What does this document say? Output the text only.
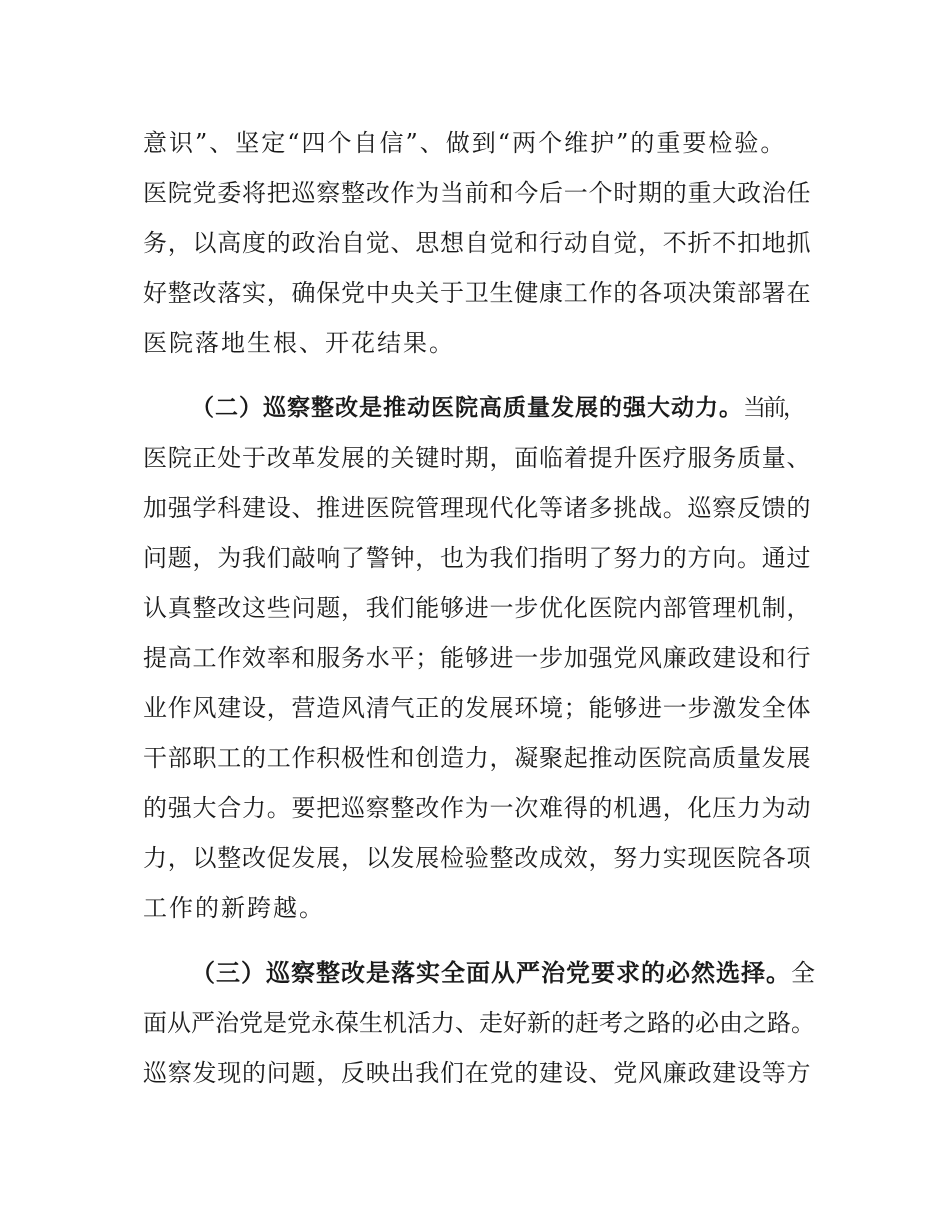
意识”、坚定“四个自信”、做到“两个维护”的重要检验。
医院党委将把巡察整改作为当前和今后一个时期的重大政治任
务，以高度的政治自觉、思想自觉和行动自觉，不折不扣地抓
好整改落实，确保党中央关于卫生健康工作的各项决策部署在
医院落地生根、开花结果。
（二）巡察整改是推动医院高质量发展的强大动力。当前，
医院正处于改革发展的关键时期，面临着提升医疗服务质量、
加强学科建设、推进医院管理现代化等诸多挑战。巡察反馈的
问题，为我们敲响了警钟，也为我们指明了努力的方向。通过
认真整改这些问题，我们能够进一步优化医院内部管理机制，
提高工作效率和服务水平；能够进一步加强党风廉政建设和行
业作风建设，营造风清气正的发展环境；能够进一步激发全体
干部职工的工作积极性和创造力，凝聚起推动医院高质量发展
的强大合力。要把巡察整改作为一次难得的机遇，化压力为动
力，以整改促发展，以发展检验整改成效，努力实现医院各项
工作的新跨越。
（三）巡察整改是落实全面从严治党要求的必然选择。全
面从严治党是党永葆生机活力、走好新的赶考之路的必由之路。
巡察发现的问题，反映出我们在党的建设、党风廉政建设等方
